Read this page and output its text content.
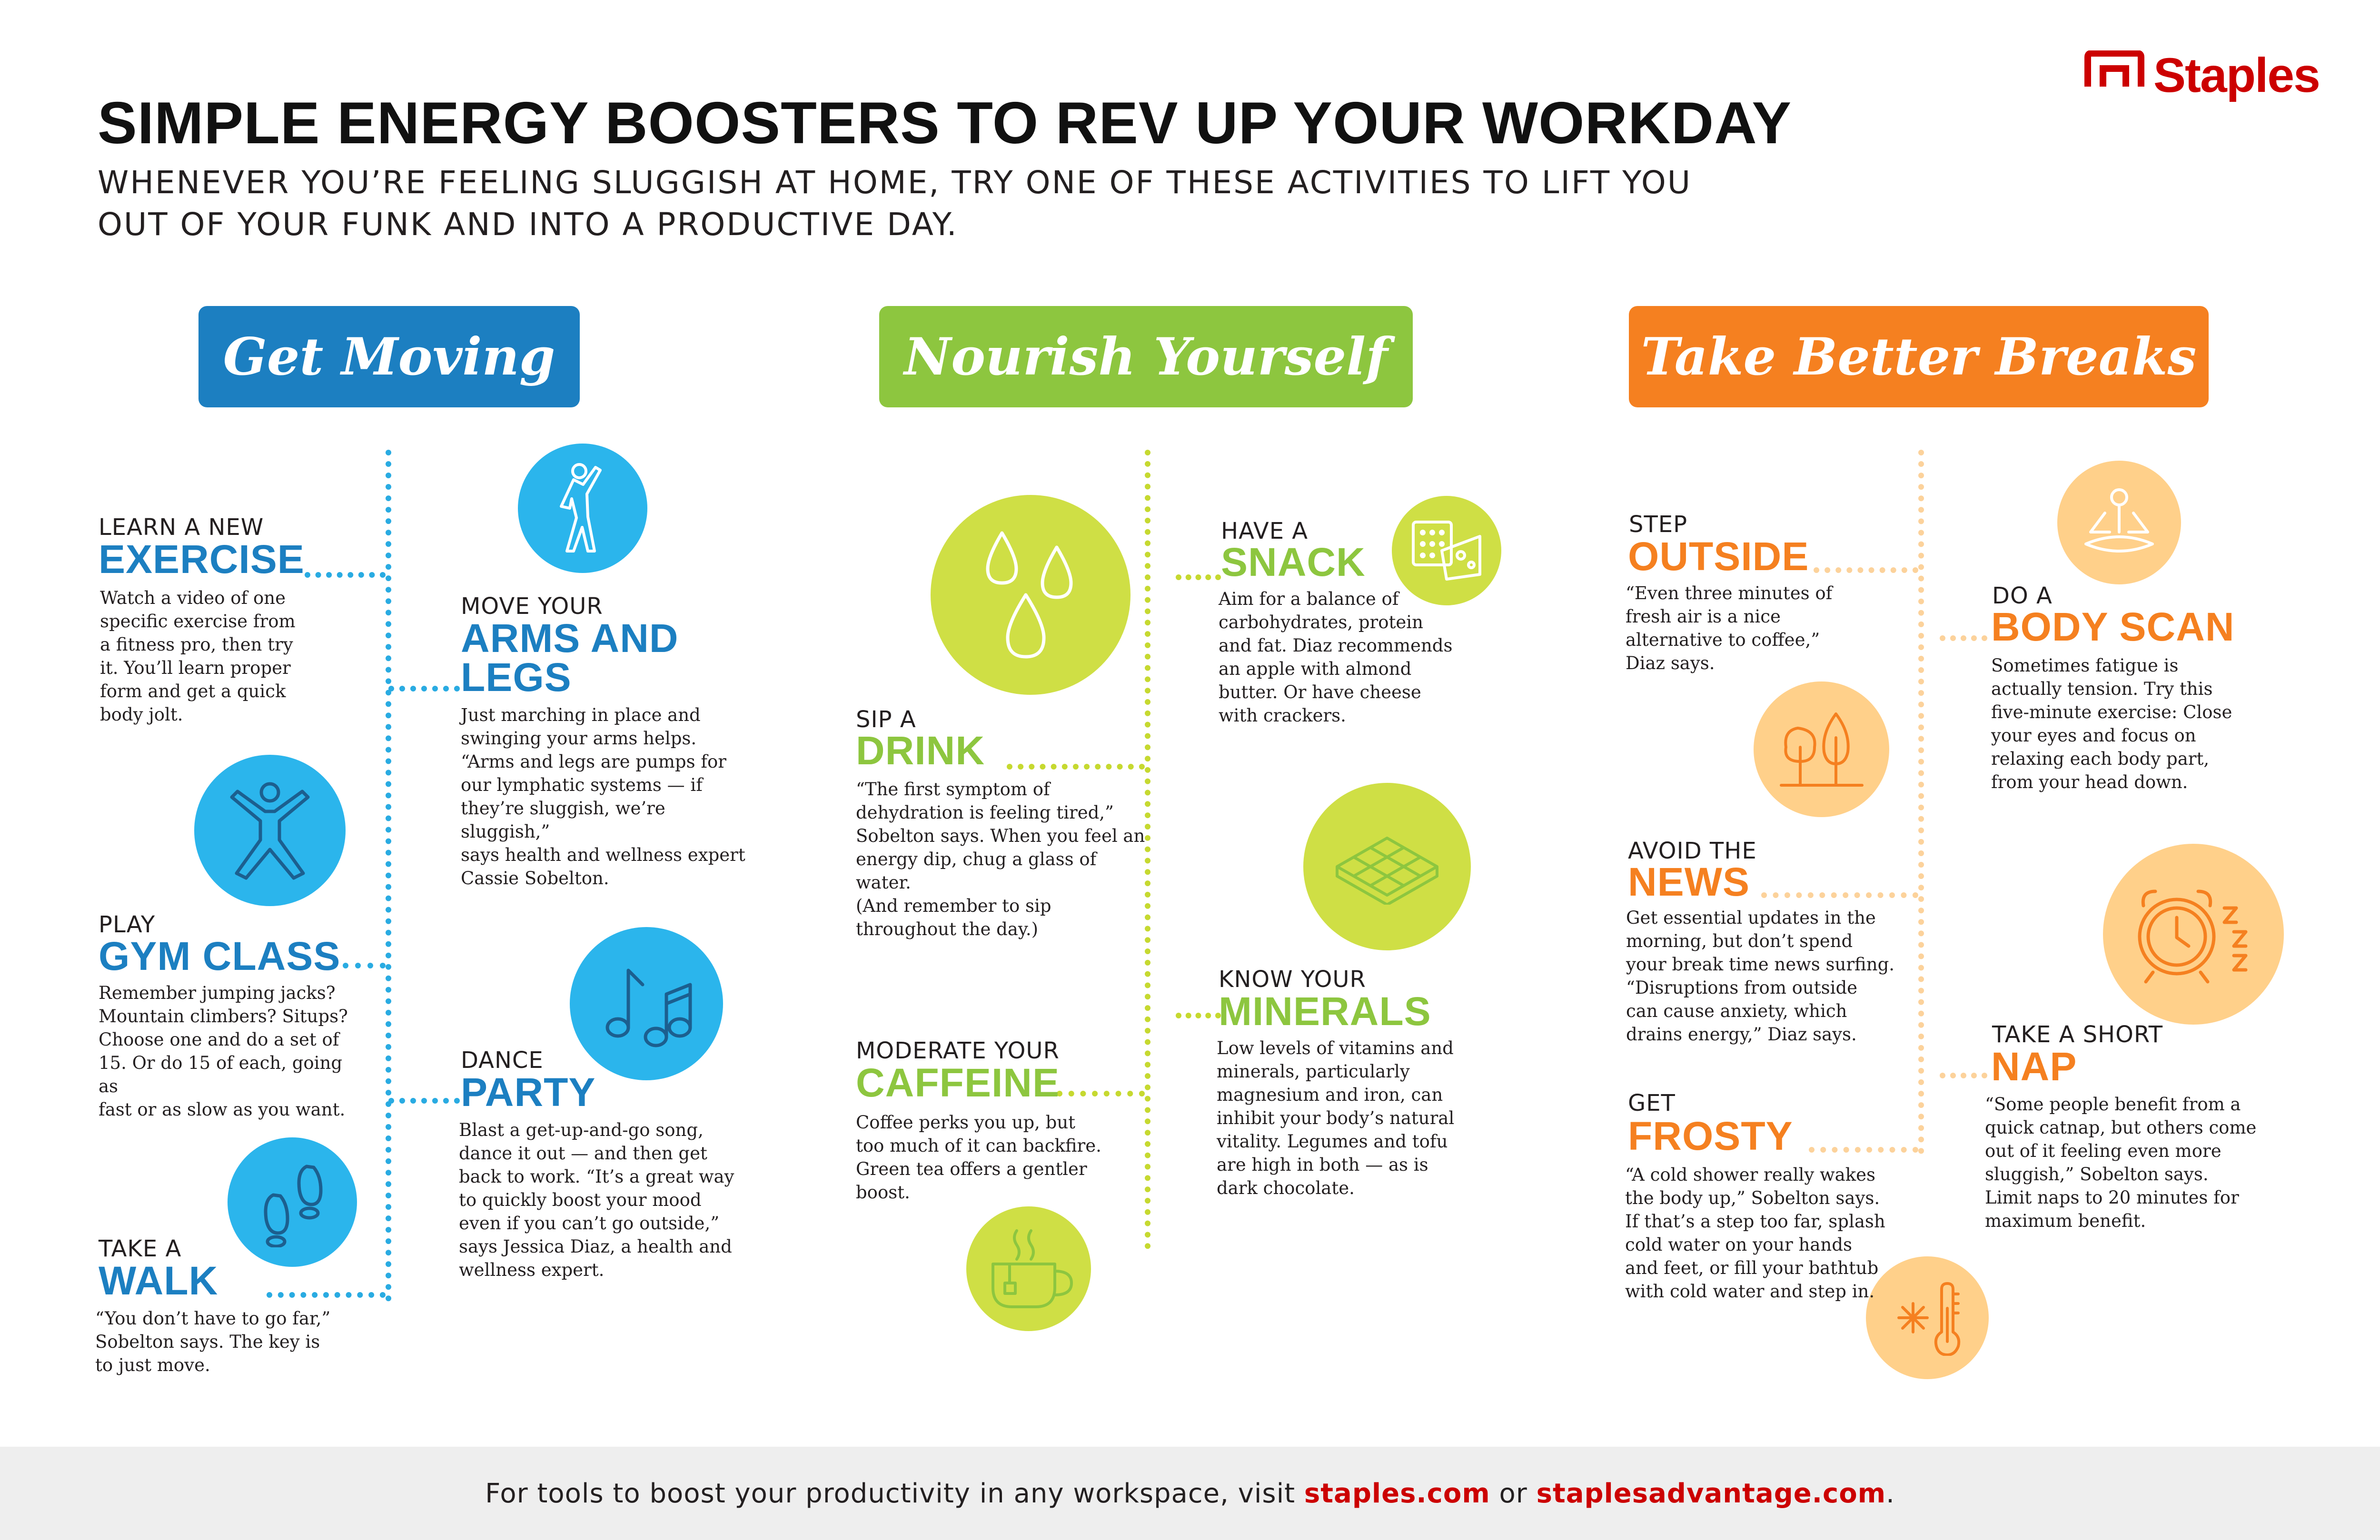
Staples
SIMPLE ENERGY BOOSTERS TO REV UP YOUR WORKDAY
WHENEVER YOU’RE FEELING SLUGGISH AT HOME, TRY ONE OF THESE ACTIVITIES TO LIFT YOU
OUT OF YOUR FUNK AND INTO A PRODUCTIVE DAY.
Get Moving	Nourish Yourself	Take Better Breaks
LEARN A NEW
EXERCISE
Watch a video of one
specific exercise from
a fitness pro, then try
it. You’ll learn proper
form and get a quick
body jolt.
MOVE YOUR
ARMS AND
LEGS
Just marching in place and
swinging your arms helps.
“Arms and legs are pumps for
our lymphatic systems — if
they’re sluggish, we’re sluggish,”
says health and wellness expert
Cassie Sobelton.
PLAY
GYM CLASS
Remember jumping jacks?
Mountain climbers? Situps?
Choose one and do a set of
15. Or do 15 of each, going as
fast or as slow as you want.
DANCE
PARTY
Blast a get-up-and-go song,
dance it out — and then get
back to work. “It’s a great way
to quickly boost your mood
even if you can’t go outside,”
says Jessica Diaz, a health and
wellness expert.
TAKE A
WALK
“You don’t have to go far,”
Sobelton says. The key is
to just move.
HAVE A
SNACK
Aim for a balance of
carbohydrates, protein
and fat. Diaz recommends
an apple with almond
butter. Or have cheese
with crackers.
SIP A
DRINK
“The first symptom of
dehydration is feeling tired,”
Sobelton says. When you feel an
energy dip, chug a glass of water.
(And remember to sip
throughout the day.)
KNOW YOUR
MINERALS
Low levels of vitamins and
minerals, particularly
magnesium and iron, can
inhibit your body’s natural
vitality. Legumes and tofu
are high in both — as is
dark chocolate.
MODERATE YOUR
CAFFEINE
Coffee perks you up, but
too much of it can backfire.
Green tea offers a gentler
boost.
STEP
OUTSIDE
“Even three minutes of
fresh air is a nice
alternative to coffee,”
Diaz says.
DO A
BODY SCAN
Sometimes fatigue is
actually tension. Try this
five-minute exercise: Close
your eyes and focus on
relaxing each body part,
from your head down.
AVOID THE
NEWS
Get essential updates in the
morning, but don’t spend
your break time news surfing.
“Disruptions from outside
can cause anxiety, which
drains energy,” Diaz says.	TAKE A SHORT
NAP
“Some people benefit from a
quick catnap, but others come
out of it feeling even more
sluggish,” Sobelton says.
Limit naps to 20 minutes for
maximum benefit.
GET
FROSTY
“A cold shower really wakes
the body up,” Sobelton says.
If that’s a step too far, splash
cold water on your hands
and feet, or fill your bathtub
with cold water and step in.
For tools to boost your productivity in any workspace, visit staples.com or staplesadvantage.com.
